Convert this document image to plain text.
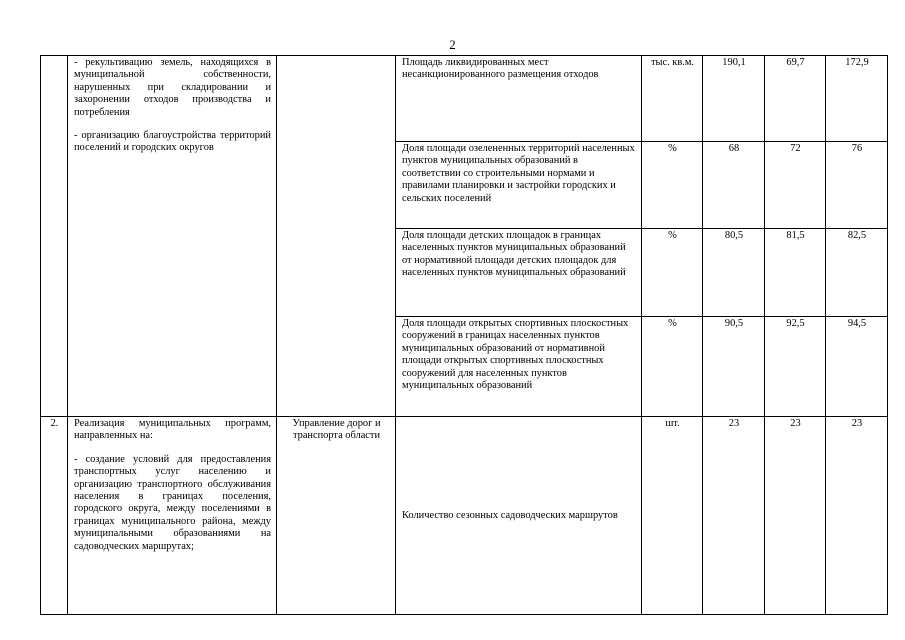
2

	- рекультивацию земель, находящихся в муниципальной собственности, нарушенных при складировании и захоронении отходов производства и потребления

- организацию благоустройства территорий поселений и городских округов		Площадь ликвидированных мест несанкционированного размещения отходов	тыс. кв.м.	190,1	69,7	172,9
			Доля площади озелененных территорий населенных пунктов муниципальных образований в соответствии со строительными нормами и правилами планировки и застройки городских и сельских поселений	%	68	72	76
			Доля площади детских площадок в границах населенных пунктов муниципальных образований от нормативной площади детских площадок для населенных пунктов муниципальных образований	%	80,5	81,5	82,5
			Доля площади открытых спортивных плоскостных сооружений в границах населенных пунктов муниципальных образований от нормативной площади открытых спортивных плоскостных сооружений для населенных пунктов муниципальных образований	%	90,5	92,5	94,5
2.	Реализация муниципальных программ, направленных на:

- создание условий для предоставления транспортных услуг населению и организацию транспортного обслуживания населения в границах поселения, городского округа, между поселениями в границах муниципального района, между муниципальными образованиями на садоводческих маршрутах;	Управление дорог и транспорта области	Количество сезонных садоводческих маршрутов	шт.	23	23	23
